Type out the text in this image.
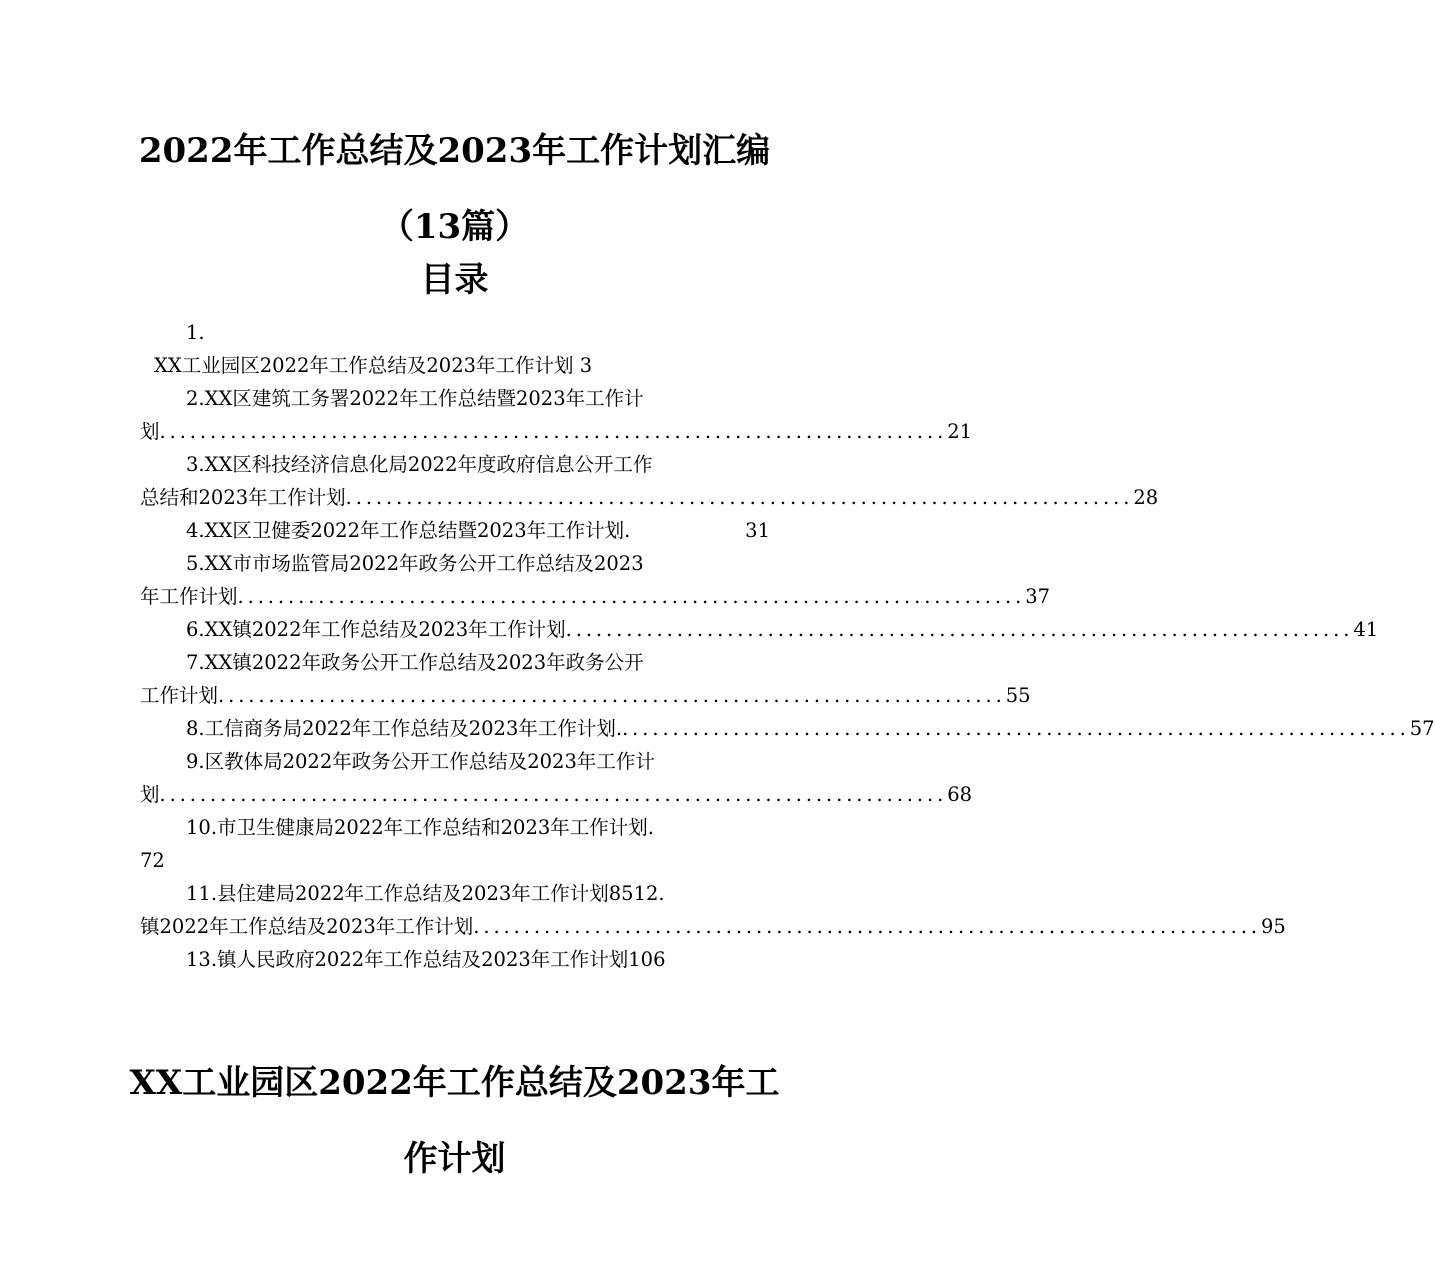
2022年工作总结及2023年工作计划汇编
（13篇）
目录
1.
XX工业园区2022年工作总结及2023年工作计划 3
2.XX区建筑工务署2022年工作总结暨2023年工作计
划 .............................................................................. 21
3.XX区科技经济信息化局2022年度政府信息公开工作
总结和2023年工作计划 .............................................................................. 28
4.XX区卫健委2022年工作总结暨2023年工作计划.	31
5.XX市市场监管局2022年政务公开工作总结及2023
年工作计划 .............................................................................. 37
6.XX镇2022年工作总结及2023年工作计划 .............................................................................. 41
7.XX镇2022年政务公开工作总结及2023年政务公开
工作计划 .............................................................................. 55
8.工信商务局2022年工作总结及2023年工作计划. .............................................................................. 57
9.区教体局2022年政务公开工作总结及2023年工作计
划 .............................................................................. 68
10.市卫生健康局2022年工作总结和2023年工作计划.
72
11.县住建局2022年工作总结及2023年工作计划8512.
镇2022年工作总结及2023年工作计划 .............................................................................. 95
13.镇人民政府2022年工作总结及2023年工作计划106
XX工业园区2022年工作总结及2023年工
作计划
